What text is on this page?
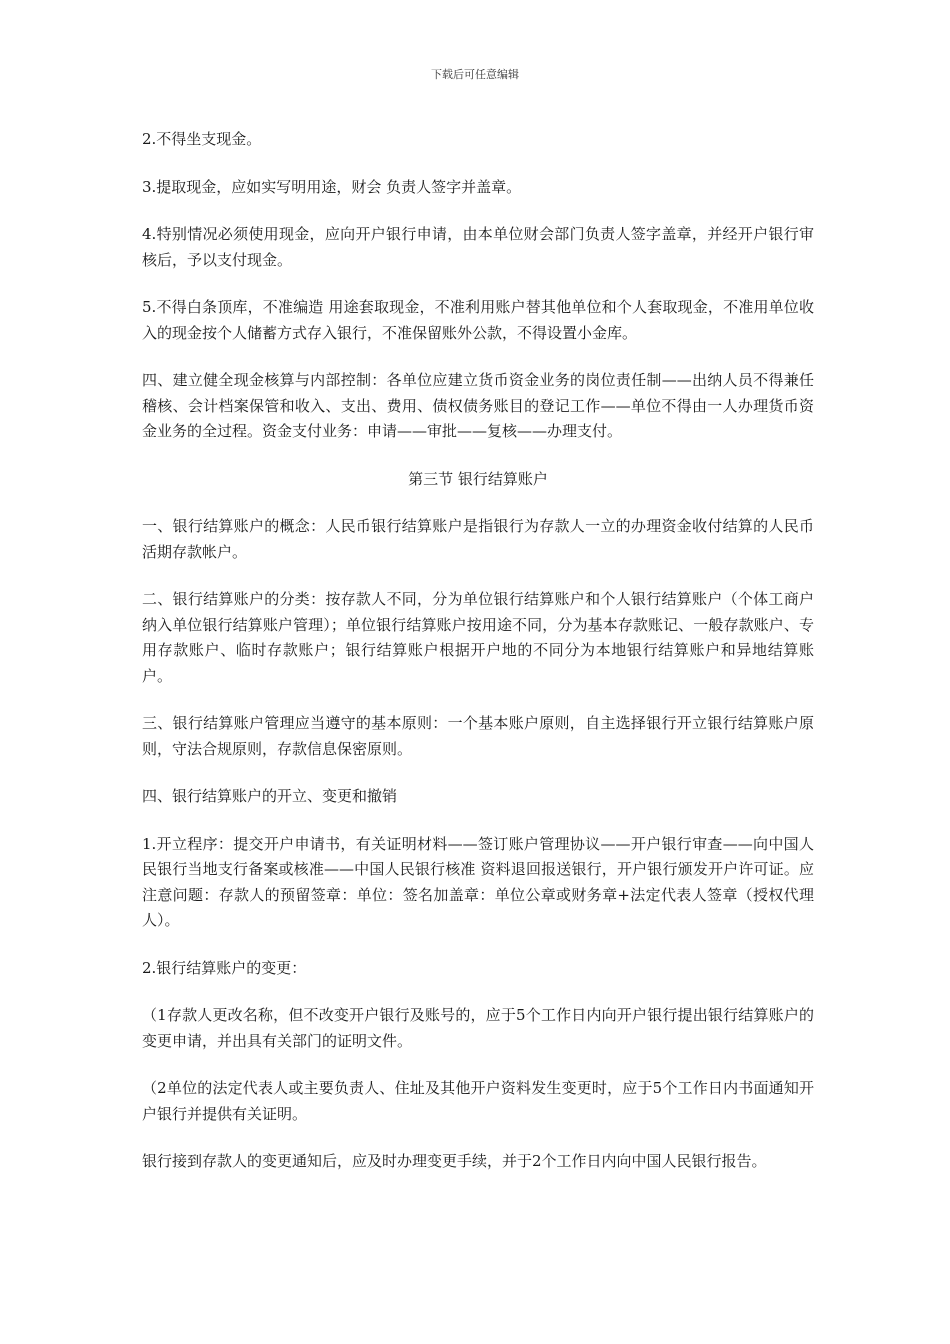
下载后可任意编辑

2.不得坐支现金。

3.提取现金，应如实写明用途，财会 负责人签字并盖章。

4.特别情况必须使用现金，应向开户银行申请，由本单位财会部门负责人签字盖章，并经开户银行审核后，予以支付现金。

5.不得白条顶库，不准编造 用途套取现金，不准利用账户替其他单位和个人套取现金，不准用单位收入的现金按个人储蓄方式存入银行，不准保留账外公款，不得设置小金库。

四、建立健全现金核算与内部控制：各单位应建立货币资金业务的岗位责任制——出纳人员不得兼任稽核、会计档案保管和收入、支出、费用、债权债务账目的登记工作——单位不得由一人办理货币资金业务的全过程。资金支付业务：申请——审批——复核——办理支付。

第三节 银行结算账户

一、银行结算账户的概念：人民币银行结算账户是指银行为存款人一立的办理资金收付结算的人民币活期存款帐户。

二、银行结算账户的分类：按存款人不同，分为单位银行结算账户和个人银行结算账户（个体工商户纳入单位银行结算账户管理）；单位银行结算账户按用途不同，分为基本存款账记、一般存款账户、专用存款账户、临时存款账户；银行结算账户根据开户地的不同分为本地银行结算账户和异地结算账户。

三、银行结算账户管理应当遵守的基本原则：一个基本账户原则，自主选择银行开立银行结算账户原则，守法合规原则，存款信息保密原则。

四、银行结算账户的开立、变更和撤销

1.开立程序：提交开户申请书，有关证明材料——签订账户管理协议——开户银行审查——向中国人民银行当地支行备案或核准——中国人民银行核准 资料退回报送银行，开户银行颁发开户许可证。应注意问题：存款人的预留签章：单位：签名加盖章：单位公章或财务章+法定代表人签章（授权代理人）。

2.银行结算账户的变更：

（1存款人更改名称，但不改变开户银行及账号的，应于5个工作日内向开户银行提出银行结算账户的变更申请，并出具有关部门的证明文件。

（2单位的法定代表人或主要负责人、住址及其他开户资料发生变更时，应于5个工作日内书面通知开户银行并提供有关证明。

银行接到存款人的变更通知后，应及时办理变更手续，并于2个工作日内向中国人民银行报告。
